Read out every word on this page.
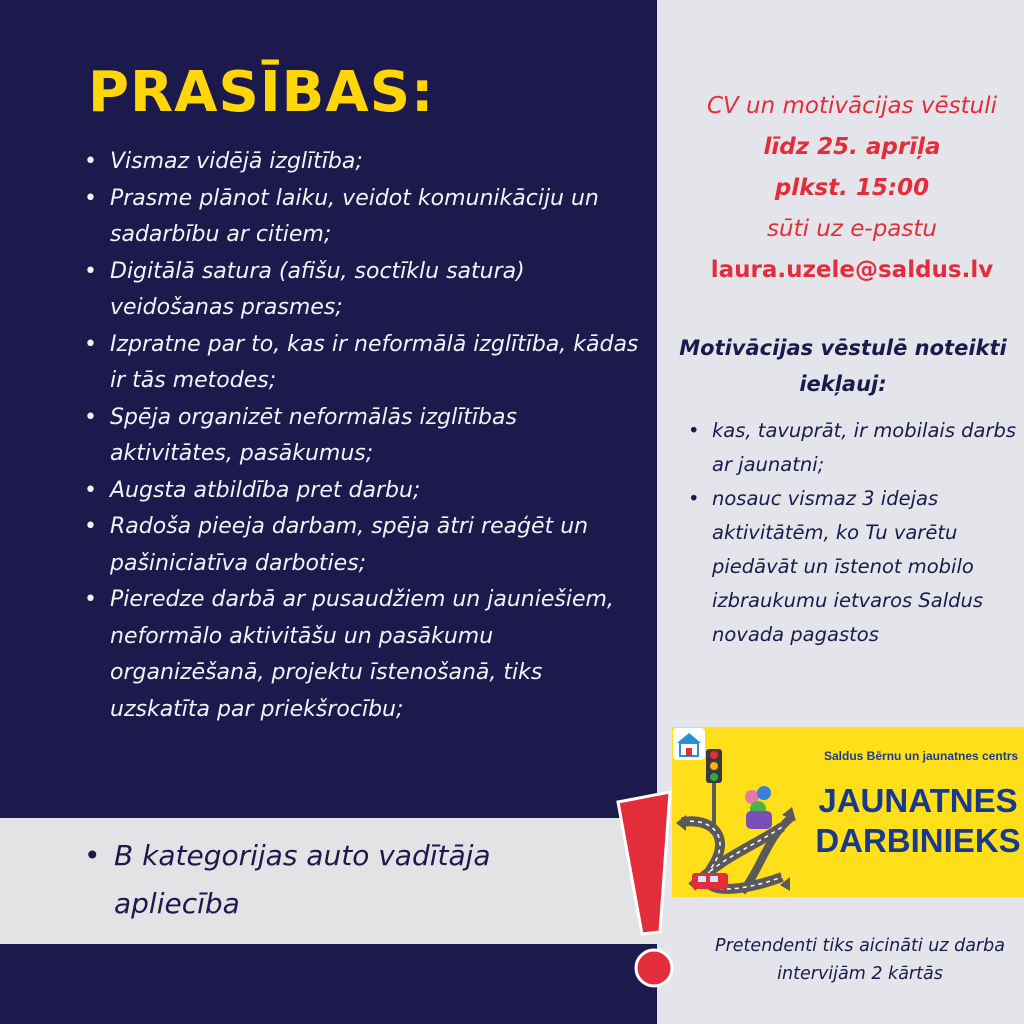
PRASĪBAS:
• Vismaz vidējā izglītība;
• Prasme plānot laiku, veidot komunikāciju un sadarbību ar citiem;
• Digitālā satura (afišu, soctīklu satura) veidošanas prasmes;
• Izpratne par to, kas ir neformālā izglītība, kādas ir tās metodes;
• Spēja organizēt neformālās izglītības aktivitātes, pasākumus;
• Augsta atbildība pret darbu;
• Radoša pieeja darbam, spēja ātri reaģēt un pašiniciatīva darboties;
• Pieredze darbā ar pusaudžiem un jauniešiem, neformālo aktivitāšu un pasākumu organizēšanā, projektu īstenošanā, tiks uzskatīta par priekšrocību;
• B kategorijas auto vadītāja apliecība

CV un motivācijas vēstuli
līdz 25. aprīļa
plkst. 15:00
sūti uz e-pastu
laura.uzele@saldus.lv
Motivācijas vēstulē noteikti iekļauj:
• kas, tavuprāt, ir mobilais darbs ar jaunatni;
• nosauc vismaz 3 idejas aktivitātēm, ko Tu varētu piedāvāt un īstenot mobilo izbraukumu ietvaros Saldus novada pagastos

Saldus Bērnu un jaunatnes centrs

JAUNATNES DARBINIEKS

Pretendenti tiks aicināti uz darba intervijām 2 kārtās
